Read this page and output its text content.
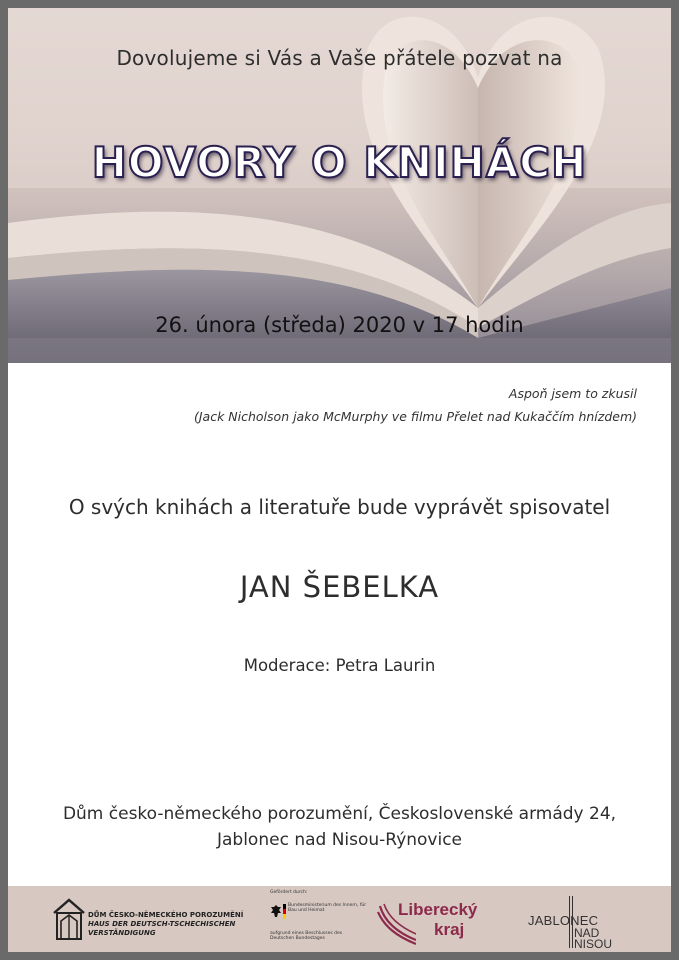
Dovolujeme si Vás a Vaše přátele pozvat na
HOVORY O KNIHÁCH
26. února (středa) 2020 v 17 hodin
Aspoň jsem to zkusil
(Jack Nicholson jako McMurphy ve filmu Přelet nad Kukaččím hnízdem)
O svých knihách a literatuře bude vyprávět spisovatel
JAN ŠEBELKA
Moderace: Petra Laurin
Dům česko-německého porozumění, Československé armády 24,
Jablonec nad Nisou-Rýnovice
DŮM ČESKO-NĚMECKÉHO POROZUMĚNÍ
HAUS DER DEUTSCH-TSCHECHISCHEN
VERSTÄNDIGUNG
Gefördert durch:
Bundesministerium des Innern, für Bau und Heimat
aufgrund eines Beschlusses des Deutschen Bundestages
Liberecký
kraj	JABLONEC
NAD
NISOU
